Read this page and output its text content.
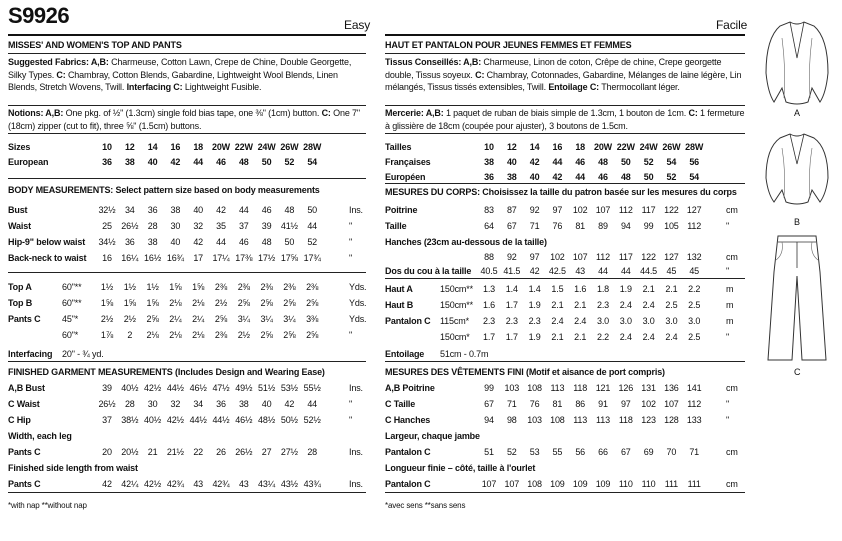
S9926	Easy
MISSES' AND WOMEN'S TOP AND PANTS
Suggested Fabrics: A,B: Charmeuse, Cotton Lawn, Crepe de Chine, Double Georgette, Silky Types. C: Chambray, Cotton Blends, Gabardine, Lightweight Wool Blends, Linen Blends, Stretch Wovens, Twill. Interfacing C: Lightweight Fusible.
Notions: A,B: One pkg. of ½" (1.3cm) single fold bias tape, one ⅜" (1cm) button. C: One 7" (18cm) zipper (cut to fit), three ⅝" (1.5cm) buttons.
Sizes	10	12	14	16	18 20W 22W 24W 26W 28W
European	36	38	40	42	44	46	48	50	52	54
BODY MEASUREMENTS: Select pattern size based on body measurements
Bust	32½	34	36	38	40	42	44	46	48	50	Ins.
Waist	25	26½	28	30	32	35	37	39	41½	44	"
Hip-9" below waist	34½	36	38	40	42	44	46	48	50	52	"
Back-neck to waist	16	16¼ 16½ 16¾	17	17¼ 17⅜ 17½ 17⅝ 17¾	"
Top A	60"**	1½	1½	1½	1⅝	1⅝	2⅜	2⅜	2⅜	2⅜	2⅜	Yds.
Top B	60"**	1⅝	1⅝	1⅝	2⅛	2⅛	2½	2⅝	2⅝	2⅝	2⅝	Yds.
Pants C 45"*	2½	2½	2⅝	2¼	2¼	2⅝	3¼	3¼	3¼	3⅜	Yds.
60"*	1⅞	2	2⅛	2⅛	2⅛	2⅜	2½	2⅝	2⅝	2⅝	"
Interfacing 20" - ¾ yd.
FINISHED GARMENT MEASUREMENTS (Includes Design and Wearing Ease)
A,B Bust	39	40½ 42½ 44½ 46½ 47½ 49½ 51½ 53½ 55½	Ins.
C Waist	26½	28	30	32	34	36	38	40	42	44	"
C Hip	37	38½ 40½ 42½ 44½ 44½ 46½ 48½ 50½ 52½	"
Width, each leg
Pants C	20	20½	21	21½	22	26	26½	27	27½	28	Ins.
Finished side length from waist
Pants C	42	42¼ 42½ 42¾	43	42¾	43	43¼ 43½ 43¾	Ins.
*with nap **without nap
Facile
HAUT ET PANTALON POUR JEUNES FEMMES ET FEMMES
Tissus Conseillés: A,B: Charmeuse, Linon de coton, Crêpe de chine, Crepe georgette double, Tissus soyeux. C: Chambray, Cotonnades, Gabardine, Mélanges de laine légère, Lin mélangés, Tissus tissés extensibles, Twill. Entoilage C: Thermocollant léger.
Mercerie: A,B: 1 paquet de ruban de biais simple de 1.3cm, 1 bouton de 1cm. C: 1 fermeture à glissière de 18cm (coupée pour ajuster), 3 boutons de 1.5cm.
Tailles	10	12	14	16	18 20W 22W 24W 26W 28W
Françaises	38	40	42	44	46	48	50	52	54	56
Européen	36	38	40	42	44	46	48	50	52	54
MESURES DU CORPS: Choisissez la taille du patron basée sur les mesures du corps
Poitrine	83	87	92	97	102 107 112 117 122 127	cm
Taille	64	67	71	76	81	89	94	99	105 112	"
Hanches (23cm au-dessous de la taille)
88	92	97	102 107 112 117 122 127 132	cm
Dos du cou à la taille	40.5 41.5	42	42.5	43	44	44	44.5	45	45	"
Haut A	150cm**	1.3	1.4	1.4	1.5	1.6	1.8	1.9	2.1	2.1	2.2	m
Haut B	150cm**	1.6	1.7	1.9	2.1	2.1	2.3	2.4	2.4	2.5	2.5	m
Pantalon C 115cm*	2.3	2.3	2.3	2.4	2.4	3.0	3.0	3.0	3.0	3.0	m
150cm*	1.7	1.7	1.9	2.1	2.1	2.2	2.4	2.4	2.4	2.5	"
Entoilage 51cm - 0.7m
MESURES DES VÊTEMENTS FINI (Motif et aisance de port compris)
A,B Poitrine	99	103 108 113 118 121 126 131 136 141	cm
C Taille	67	71	76	81	86	91	97	102 107 112	"
C Hanches	94	98	103 108 113 113 118 123 128 133	"
Largeur, chaque jambe
Pantalon C	51	52	53	55	56	66	67	69	70	71	cm
Longueur finie – côté, taille à l'ourlet
Pantalon C	107 107 108 109 109 109 110 110	111	111	cm
*avec sens **sans sens
A
B
C
